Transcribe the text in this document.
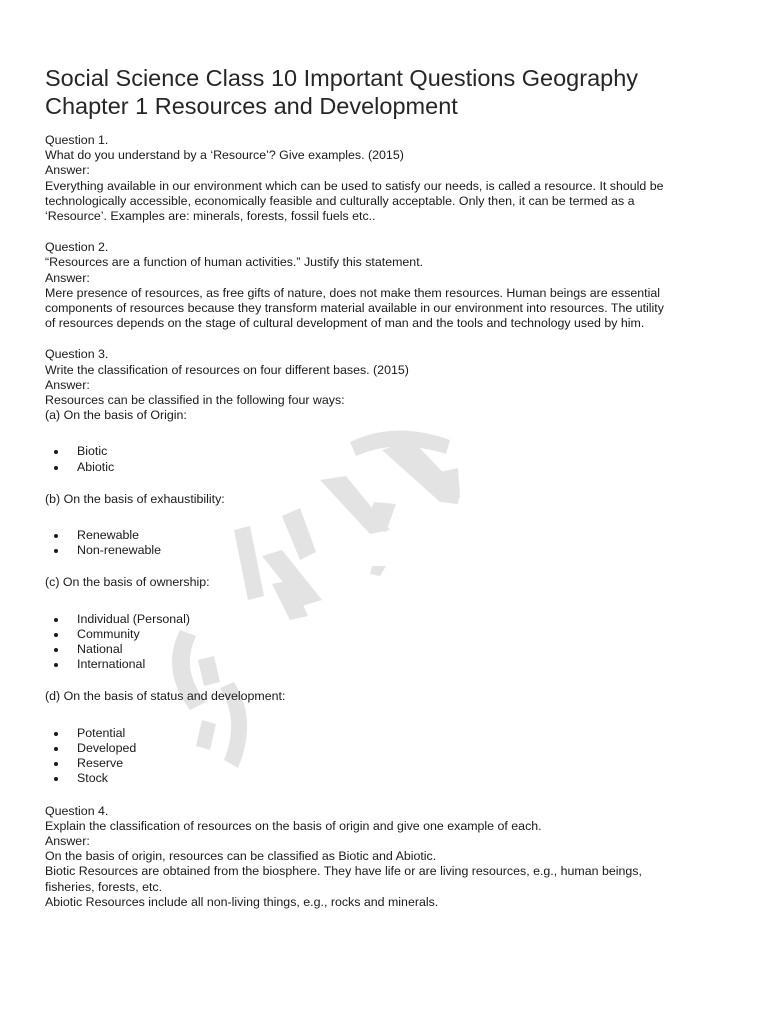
Social Science Class 10 Important Questions Geography
Chapter 1 Resources and Development

Question 1.

What do you understand by a ‘Resource’? Give examples. (2015)

Answer:

Everything available in our environment which can be used to satisfy our needs, is called a resource. It should be

technologically accessible, economically feasible and culturally acceptable. Only then, it can be termed as a

‘Resource’. Examples are: minerals, forests, fossil fuels etc..

Question 2.

“Resources are a function of human activities.” Justify this statement.

Answer:

Mere presence of resources, as free gifts of nature, does not make them resources. Human beings are essential

components of resources because they transform material available in our environment into resources. The utility

of resources depends on the stage of cultural development of man and the tools and technology used by him.

Question 3.

Write the classification of resources on four different bases. (2015)

Answer:

Resources can be classified in the following four ways:

(a) On the basis of Origin:

Biotic
Abiotic

(b) On the basis of exhaustibility:

Renewable
Non-renewable

(c) On the basis of ownership:

Individual (Personal)
Community
National
International

(d) On the basis of status and development:

Potential
Developed
Reserve
Stock

Question 4.

Explain the classification of resources on the basis of origin and give one example of each.

Answer:

On the basis of origin, resources can be classified as Biotic and Abiotic.

Biotic Resources are obtained from the biosphere. They have life or are living resources, e.g., human beings,

fisheries, forests, etc.

Abiotic Resources include all non-living things, e.g., rocks and minerals.
